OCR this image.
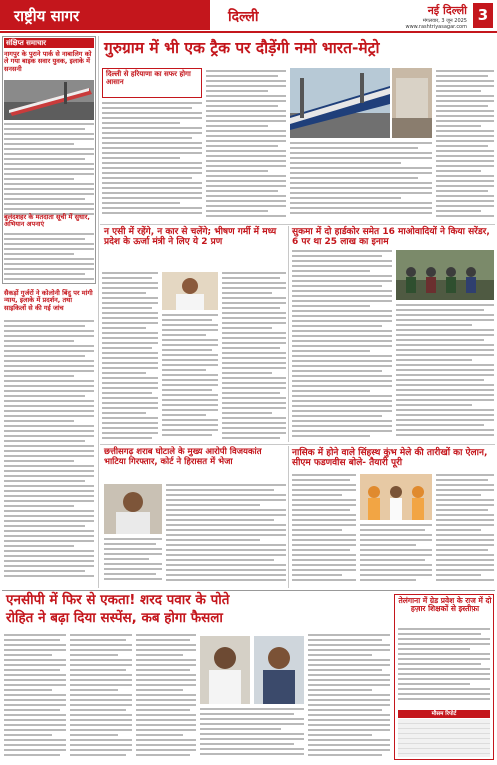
राष्ट्रीय सागर	दिल्ली	नई दिल्ली
मंगलवार, 3 जून 2025
www.rashtriyasagar.com
3
संक्षिप्त समाचार
नागपुर के पुराने पार्क से नाबालिग को ले गया बाइक सवार युवक, इलाके में सनसनी
बुलंदशहर के मतदाता सूची में सुधार, अभियान अपनाएं
सैकड़ों गुर्जरों ने कोलोनी बिंदु पर मांगी न्याय, इलाके में प्रदर्शन, तथा साइकिलों से की गई जांच
गुरुग्राम में भी एक ट्रैक पर दौड़ेंगी नमो भारत-मेट्रो
दिल्ली से हरियाणा का सफर होगा आसान
न एसी में रहेंगे, न कार से चलेंगे; भीषण गर्मी में मध्य प्रदेश के ऊर्जा मंत्री ने लिए ये 2 प्रण
सुकमा में दो हार्डकोर समेत 16 माओवादियों ने किया सरेंडर, 6 पर था 25 लाख का इनाम
छत्तीसगढ़ शराब घोटाले के मुख्य आरोपी विजयकांत भाटिया गिरफ्तार, कोर्ट ने हिरासत में भेजा
नासिक में होने वाले सिंहस्थ कुंभ मेले की तारीखों का ऐलान, सीएम फडणवीस बोले- तैयारी पूरी
एनसीपी में फिर से एकता! शरद पवार के पोते
रोहित ने बढ़ा दिया सस्पेंस, कब होगा फैसला
तेलंगाना में ग्रेड प्रवेश के राज में दो हज़ार शिक्षकों से इस्तीफ़ा
मौसम रिपोर्ट
